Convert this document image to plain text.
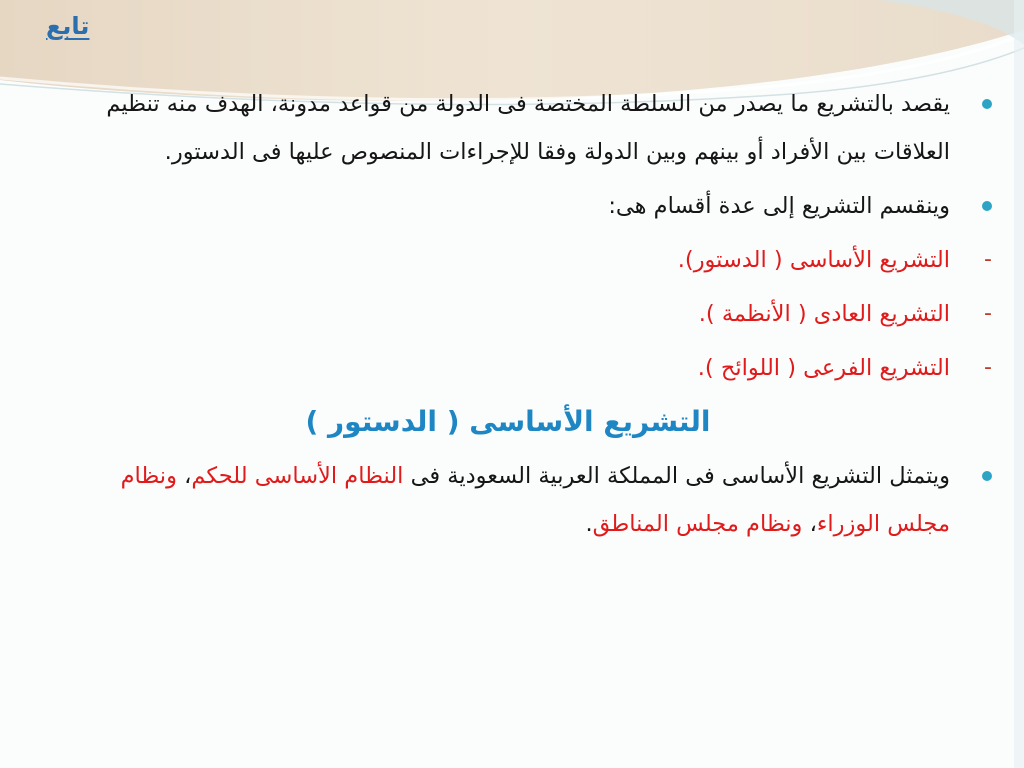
تابع
يقصد بالتشريع ما يصدر من السلطة المختصة فى الدولة من قواعد مدونة، الهدف منه تنظيم العلاقات بين الأفراد أو بينهم وبين الدولة وفقا للإجراءات المنصوص عليها فى الدستور.
وينقسم التشريع إلى عدة أقسام هى:
- التشريع الأساسى ( الدستور).
- التشريع العادى ( الأنظمة ).
- التشريع الفرعى ( اللوائح ).
التشريع الأساسى ( الدستور )
ويتمثل التشريع الأساسى فى المملكة العربية السعودية فى النظام الأساسى للحكم، ونظام مجلس الوزراء، ونظام مجلس المناطق.
